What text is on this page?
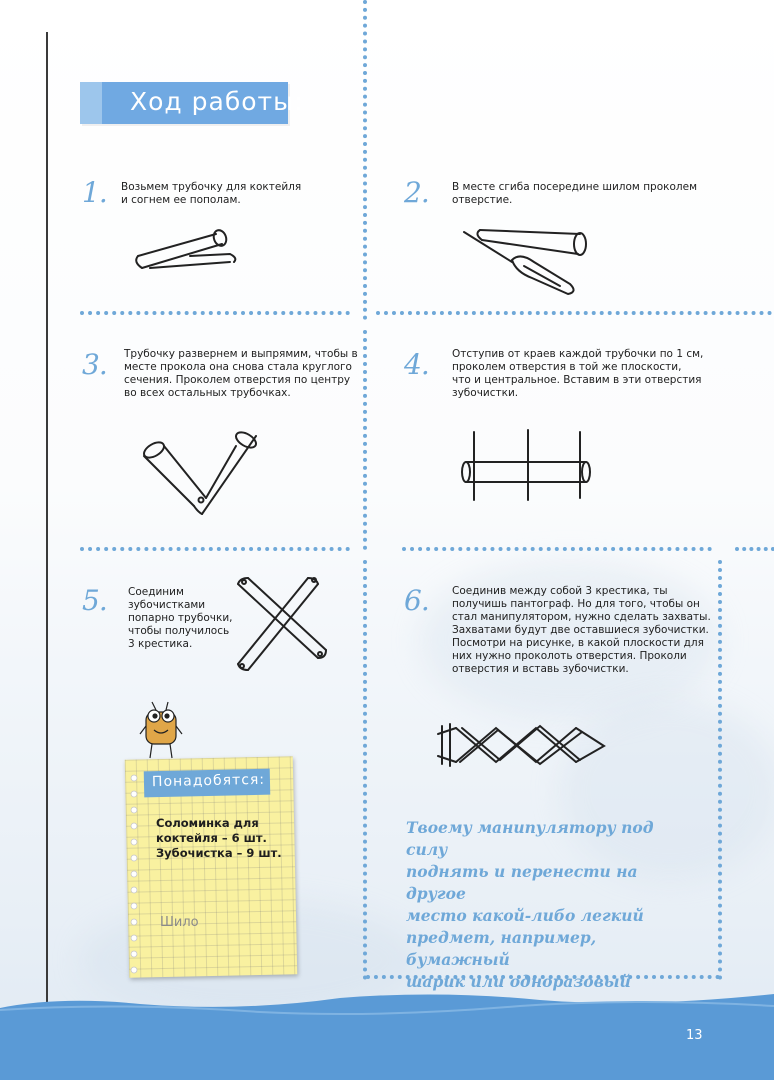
Ход работы:
1. Возьмем трубочку для коктейля
и согнем ее пополам.	2. В месте сгиба посередине шилом проколем
отверстие.
3. Трубочку развернем и выпрямим, чтобы в
месте прокола она снова стала круглого
сечения. Проколем отверстия по центру
во всех остальных трубочках.
4. Отступив от краев каждой трубочки по 1 см,
проколем отверстия в той же плоскости,
что и центральное. Вставим в эти отверстия
зубочистки.
5. Соединим
зубочистками
попарно трубочки,
чтобы получилось
3 крестика.
6. Соединив между собой 3 крестика, ты
получишь пантограф. Но для того, чтобы он
стал манипулятором, нужно сделать захваты.
Захватами будут две оставшиеся зубочистки.
Посмотри на рисунке, в какой плоскости для
них нужно проколоть отверстия. Проколи
отверстия и вставь зубочистки.
Понадобятся:
Соломинка для
коктейля – 6 шт.
Зубочистка – 9 шт.
Шило
Твоему манипулятору под силу
поднять и перенести на другое
место какой-либо легкий
предмет, например, бумажный
шарик или одноразовый

13
